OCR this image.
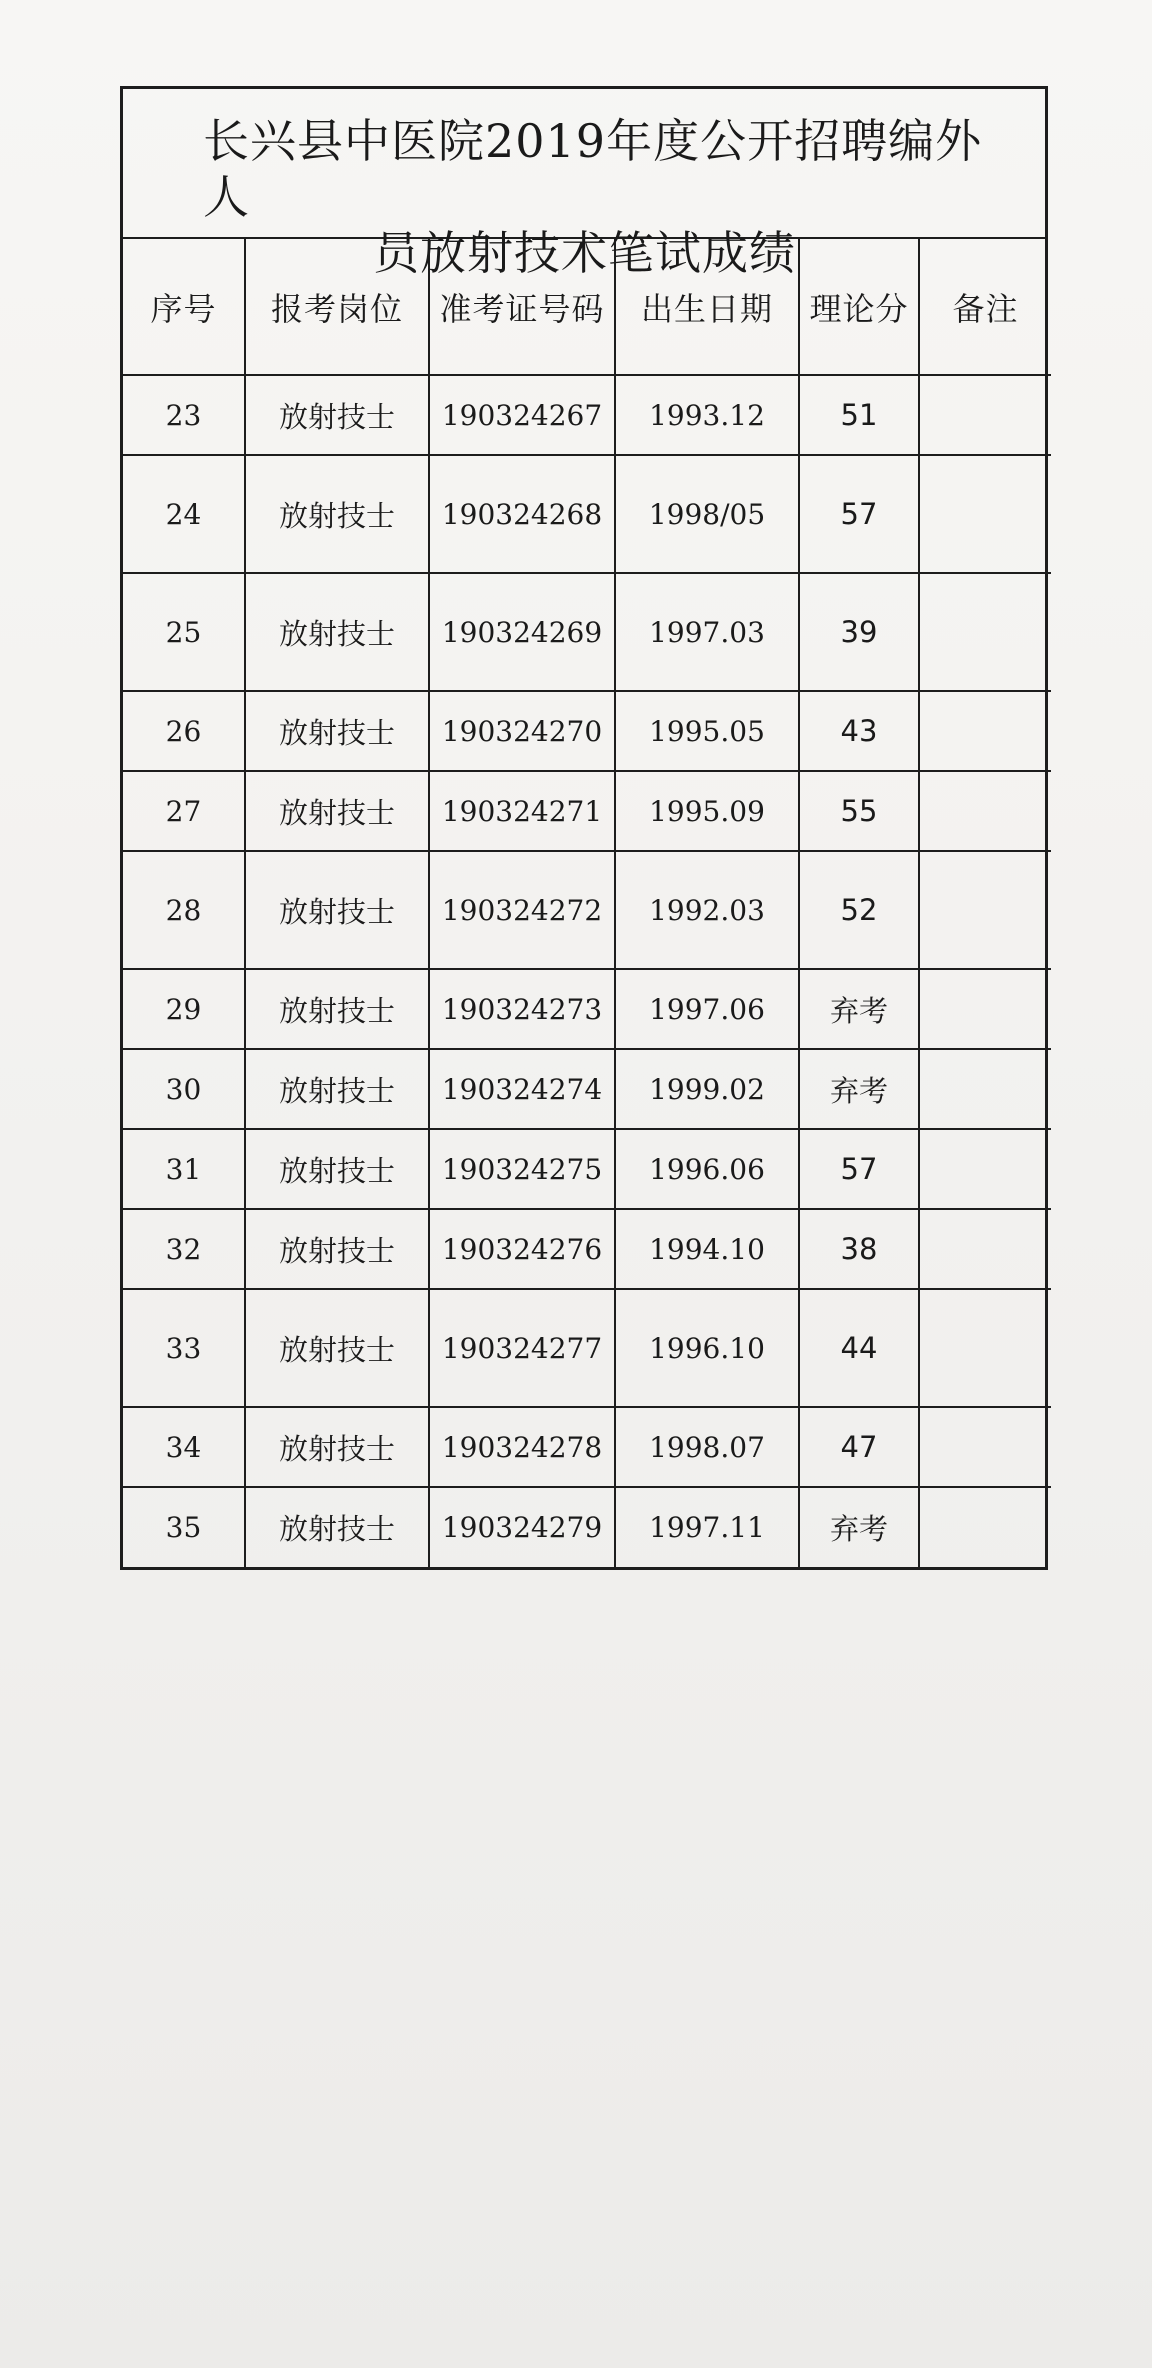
长兴县中医院2019年度公开招聘编外人
员放射技术笔试成绩
序号	报考岗位	准考证号码	出生日期	理论分	备注
23	放射技士	190324267	1993.12	51	
24	放射技士	190324268	1998/05	57	
25	放射技士	190324269	1997.03	39	
26	放射技士	190324270	1995.05	43	
27	放射技士	190324271	1995.09	55	
28	放射技士	190324272	1992.03	52	
29	放射技士	190324273	1997.06	弃考	
30	放射技士	190324274	1999.02	弃考	
31	放射技士	190324275	1996.06	57	
32	放射技士	190324276	1994.10	38	
33	放射技士	190324277	1996.10	44	
34	放射技士	190324278	1998.07	47	
35	放射技士	190324279	1997.11	弃考	
